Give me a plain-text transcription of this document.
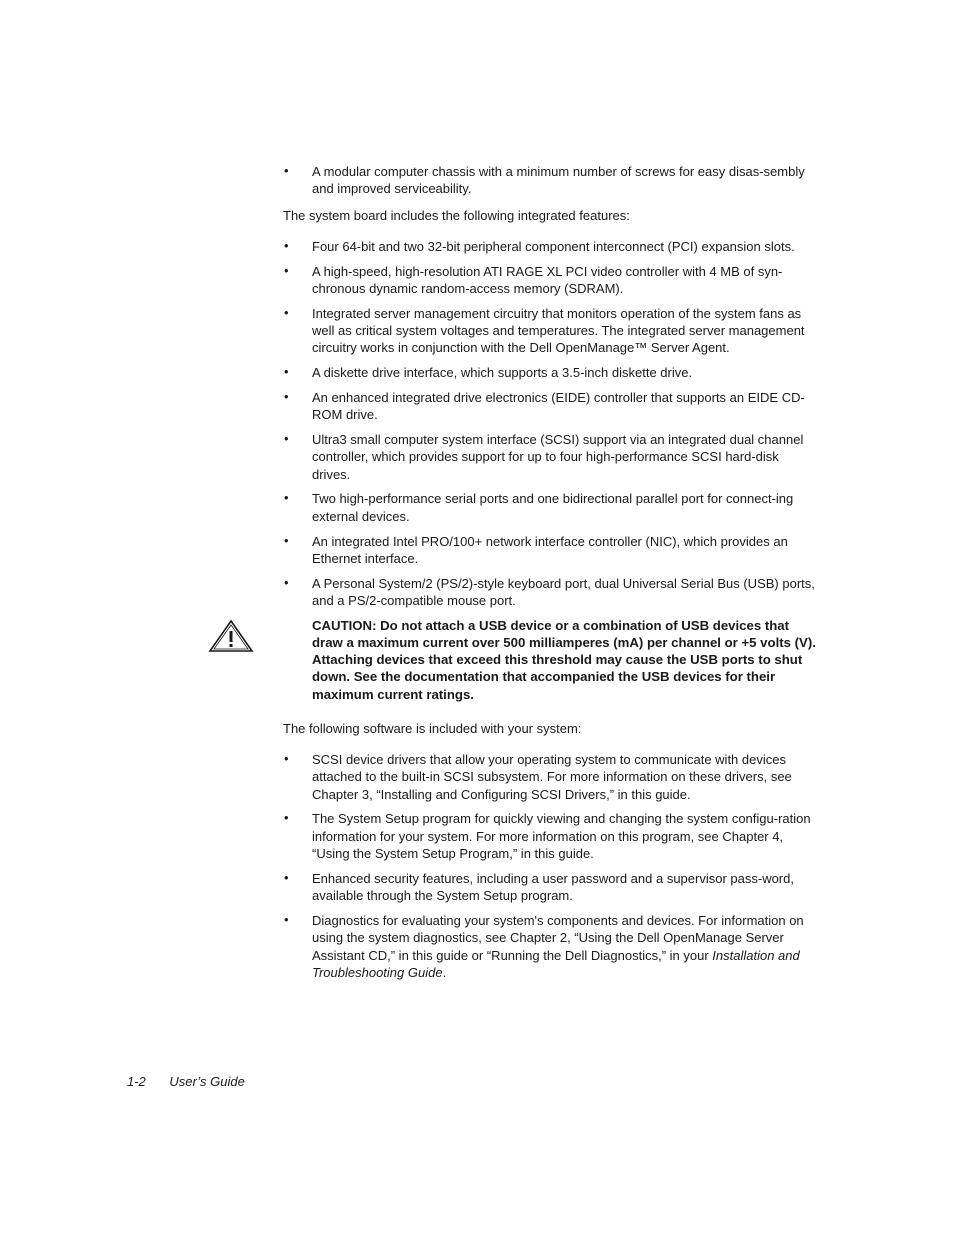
• A modular computer chassis with a minimum number of screws for easy disas-sembly and improved serviceability.

The system board includes the following integrated features:

• Four 64-bit and two 32-bit peripheral component interconnect (PCI) expansion slots.
• A high-speed, high-resolution ATI RAGE XL PCI video controller with 4 MB of syn-chronous dynamic random-access memory (SDRAM).
• Integrated server management circuitry that monitors operation of the system fans as well as critical system voltages and temperatures. The integrated server management circuitry works in conjunction with the Dell OpenManage™ Server Agent.
• A diskette drive interface, which supports a 3.5-inch diskette drive.
• An enhanced integrated drive electronics (EIDE) controller that supports an EIDE CD-ROM drive.
• Ultra3 small computer system interface (SCSI) support via an integrated dual channel controller, which provides support for up to four high-performance SCSI hard-disk drives.
• Two high-performance serial ports and one bidirectional parallel port for connect-ing external devices.
• An integrated Intel PRO/100+ network interface controller (NIC), which provides an Ethernet interface.
• A Personal System/2 (PS/2)-style keyboard port, dual Universal Serial Bus (USB) ports, and a PS/2-compatible mouse port.
CAUTION: Do not attach a USB device or a combination of USB devices that draw a maximum current over 500 milliamperes (mA) per channel or +5 volts (V). Attaching devices that exceed this threshold may cause the USB ports to shut down. See the documentation that accompanied the USB devices for their maximum current ratings.

The following software is included with your system:

• SCSI device drivers that allow your operating system to communicate with devices attached to the built-in SCSI subsystem. For more information on these drivers, see Chapter 3, “Installing and Configuring SCSI Drivers,” in this guide.
• The System Setup program for quickly viewing and changing the system configu-ration information for your system. For more information on this program, see Chapter 4, “Using the System Setup Program,” in this guide.
• Enhanced security features, including a user password and a supervisor pass-word, available through the System Setup program.
• Diagnostics for evaluating your system's components and devices. For information on using the system diagnostics, see Chapter 2, “Using the Dell OpenManage Server Assistant CD,” in this guide or “Running the Dell Diagnostics,” in your Installation and Troubleshooting Guide.
1-2 User’s Guide
